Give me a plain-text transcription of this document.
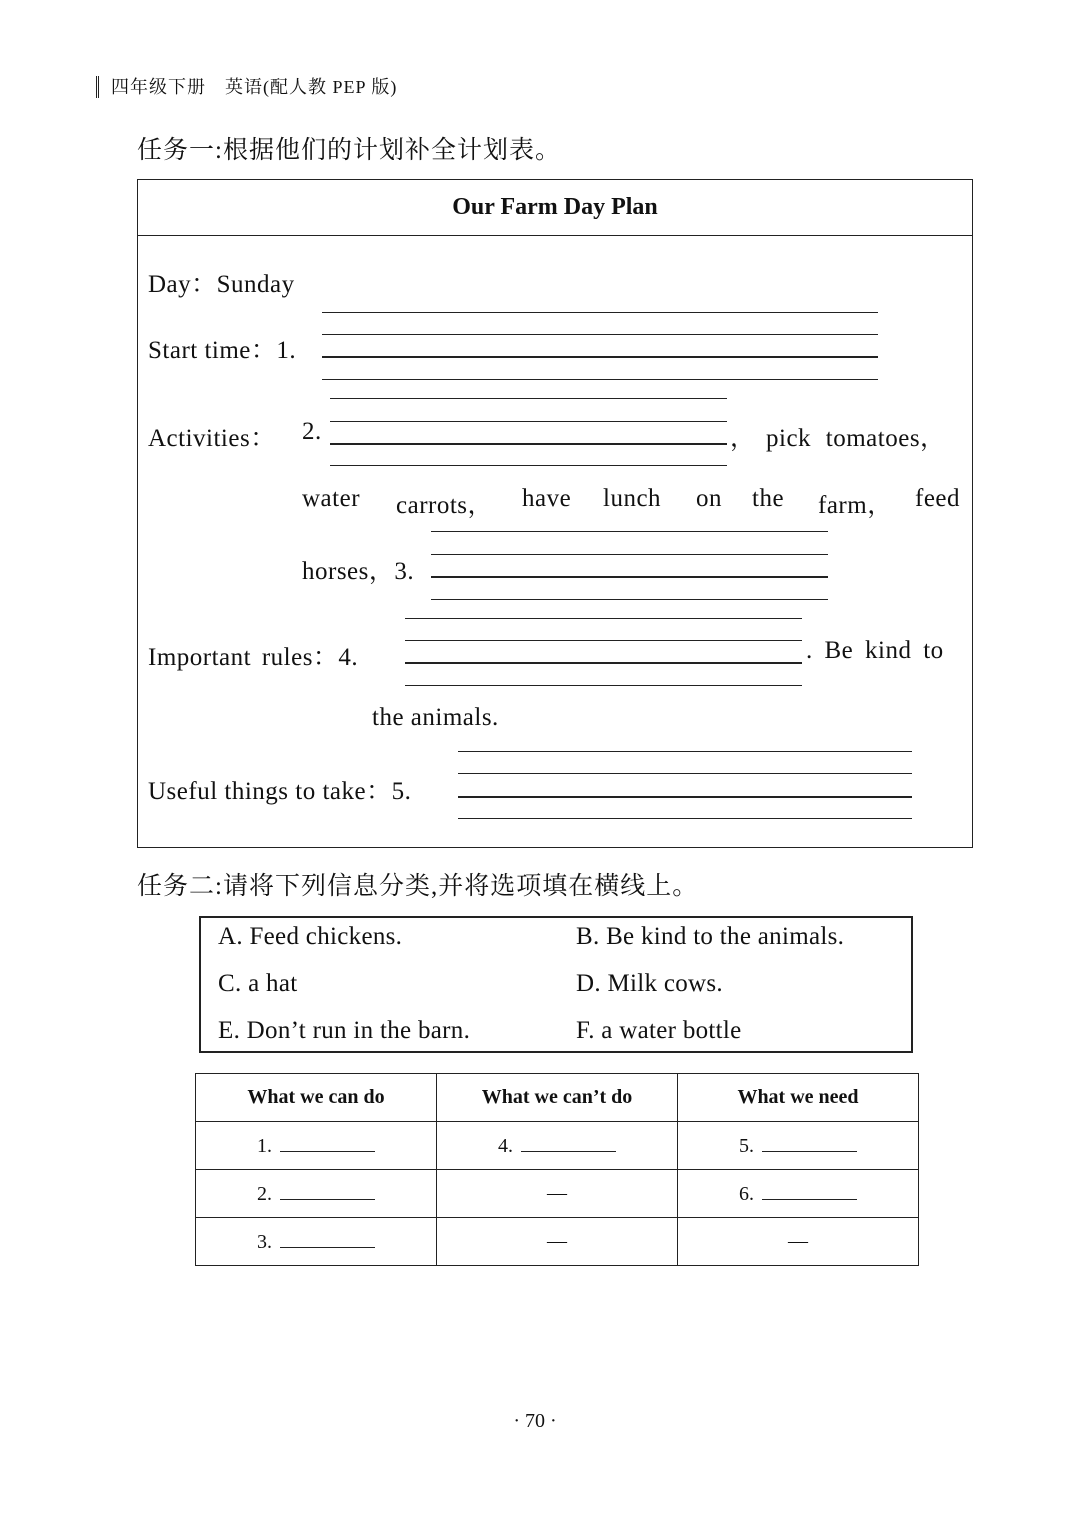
四年级下册　英语(配人教 PEP 版)
任务一:根据他们的计划补全计划表。
Our Farm Day Plan
Day：Sunday
Start time：1.
Activities： 2.	， pick tomatoes，
water carrots， have lunch on the farm， feed
horses，3.
Important rules：4.	. Be kind to
the animals.
Useful things to take：5.
任务二:请将下列信息分类,并将选项填在横线上。
A. Feed chickens.	B. Be kind to the animals.
C. a hat	D. Milk cows.
E. Don’t run in the barn.	F. a water bottle
What we can do	What we can’t do	What we need
1.	4.	5.
2.	—	6.
3.	—	—
· 70 ·
